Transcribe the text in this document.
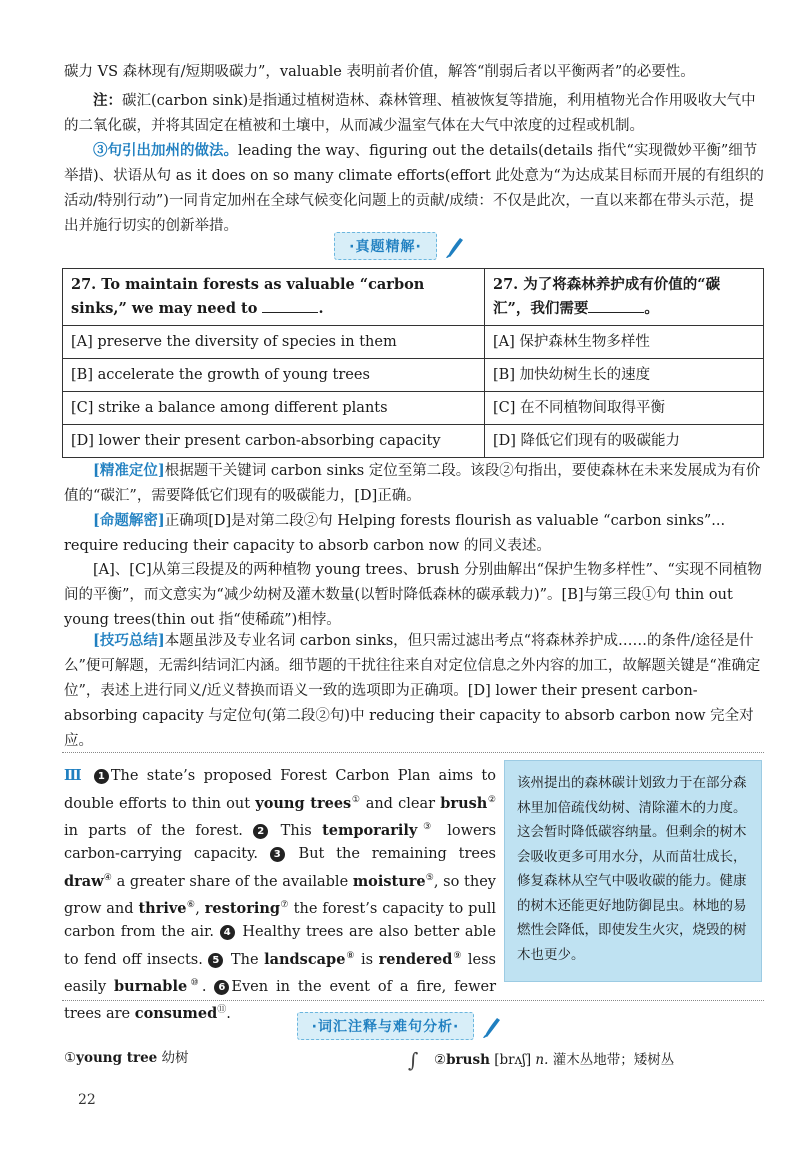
碳力 VS 森林现有/短期吸碳力”，valuable 表明前者价值，解答“削弱后者以平衡两者”的必要性。

注：碳汇(carbon sink)是指通过植树造林、森林管理、植被恢复等措施，利用植物光合作用吸收大气中的二氧化碳，并将其固定在植被和土壤中，从而减少温室气体在大气中浓度的过程或机制。

③句引出加州的做法。leading the way、figuring out the details(details 指代“实现微妙平衡”细节举措)、状语从句 as it does on so many climate efforts(effort 此处意为“为达成某目标而开展的有组织的活动/特别行动”)一同肯定加州在全球气候变化问题上的贡献/成绩：不仅是此次，一直以来都在带头示范，提出并施行切实的创新举措。

·真题精解·
27. To maintain forests as valuable “carbon sinks,” we may need to .	27. 为了将森林养护成有价值的“碳汇”，我们需要 。
[A] preserve the diversity of species in them	[A] 保护森林生物多样性
[B] accelerate the growth of young trees	[B] 加快幼树生长的速度
[C] strike a balance among different plants	[C] 在不同植物间取得平衡
[D] lower their present carbon-absorbing capacity	[D] 降低它们现有的吸碳能力

[精准定位]根据题干关键词 carbon sinks 定位至第二段。该段②句指出，要使森林在未来发展成为有价值的“碳汇”，需要降低它们现有的吸碳能力，[D]正确。

[命题解密]正确项[D]是对第二段②句 Helping forests flourish as valuable “carbon sinks”... require reducing their capacity to absorb carbon now 的同义表述。

[A]、[C]从第三段提及的两种植物 young trees、brush 分别曲解出“保护生物多样性”、“实现不同植物间的平衡”，而文意实为“减少幼树及灌木数量(以暂时降低森林的碳承载力)”。[B]与第三段①句 thin out young trees(thin out 指“使稀疏”)相悖。

[技巧总结]本题虽涉及专业名词 carbon sinks，但只需过滤出考点“将森林养护成……的条件/途径是什么”便可解题，无需纠结词汇内涵。细节题的干扰往往来自对定位信息之外内容的加工，故解题关键是“准确定位”，表述上进行同义/近义替换而语义一致的选项即为正确项。[D] lower their present carbon-absorbing capacity 与定位句(第二段②句)中 reducing their capacity to absorb carbon now 完全对应。

Ⅲ 1 The state’s proposed Forest Carbon Plan aims to double efforts to thin out young trees① and clear brush② in parts of the forest. 2 This temporarily③ lowers carbon-carrying capacity. 3 But the remaining trees draw④ a greater share of the available moisture⑤, so they grow and thrive⑥, restoring⑦ the forest’s capacity to pull carbon from the air. 4 Healthy trees are also better able to fend off insects. 5 The landscape⑧ is rendered⑨ less easily burnable⑩. 6 Even in the event of a fire, fewer trees are consumed⑪.
该州提出的森林碳计划致力于在部分森林里加倍疏伐幼树、清除灌木的力度。这会暂时降低碳容纳量。但剩余的树木会吸收更多可用水分，从而苗壮成长，修复森林从空气中吸收碳的能力。健康的树木还能更好地防御昆虫。林地的易燃性会降低，即使发生火灾，烧毁的树木也更少。
·词汇注释与难句分析·
①young tree 幼树	∫ ②brush [brʌʃ] n. 灌木丛地带；矮树丛
22
